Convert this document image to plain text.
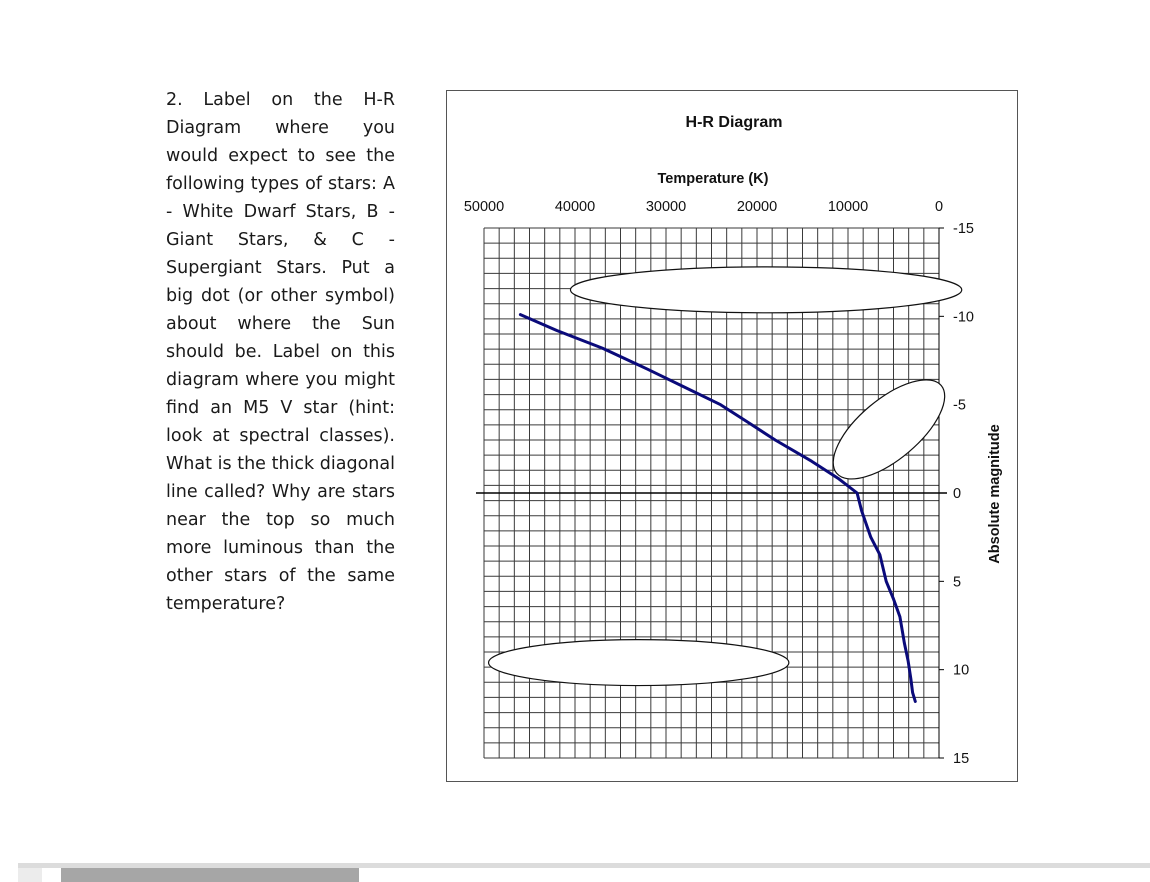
2. Label on the H-R Diagram where you would expect to see the following types of stars: A - White Dwarf Stars, B - Giant Stars, & C - Supergiant Stars. Put a big dot (or other symbol) about where the Sun should be. Label on this diagram where you might find an M5 V star (hint: look at spectral classes). What is the thick diagonal line called? Why are stars near the top so much more luminous than the other stars of the same temperature?

H-R Diagram
Temperature (K)
Absolute magnitude
50000	40000	30000	20000	10000	0
-15
-10
-5
0
5
10
15
